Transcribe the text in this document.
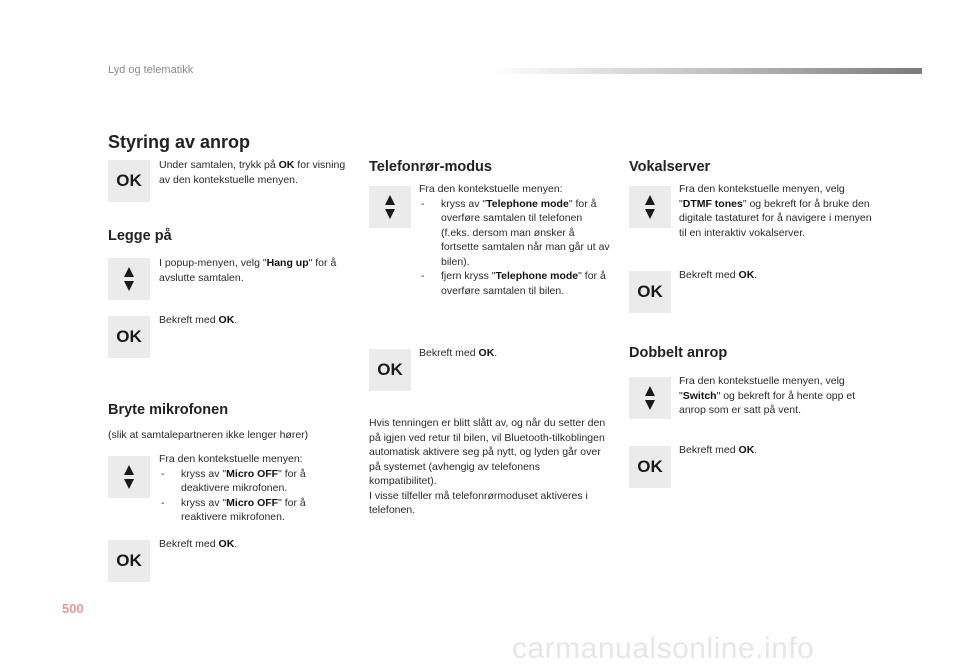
Lyd og telematikk
500
carmanualsonline.info
Styring av anrop
OK

Under samtalen, trykk på OK for visning av den kontekstuelle menyen.

Legge på

I popup-menyen, velg "Hang up" for å avslutte samtalen.

OK

Bekreft med OK.

Bryte mikrofonen
(slik at samtalepartneren ikke lenger hører)

Fra den kontekstuelle menyen:

- kryss av "Micro OFF" for å deaktivere mikrofonen.
- kryss av "Micro OFF" for å reaktivere mikrofonen.
OK

Bekreft med OK.

Telefonrør-modus

Fra den kontekstuelle menyen:

- kryss av "Telephone mode" for å overføre samtalen til telefonen (f.eks. dersom man ønsker å fortsette samtalen når man går ut av bilen).
- fjern kryss "Telephone mode" for å overføre samtalen til bilen.
OK

Bekreft med OK.

Hvis tenningen er blitt slått av, og når du setter den på igjen ved retur til bilen, vil Bluetooth-tilkoblingen automatisk aktivere seg på nytt, og lyden går over på systemet (avhengig av telefonens kompatibilitet).

I visse tilfeller må telefonrørmoduset aktiveres i telefonen.

Vokalserver

Fra den kontekstuelle menyen, velg "DTMF tones" og bekreft for å bruke den digitale tastaturet for å navigere i menyen til en interaktiv vokalserver.

OK

Bekreft med OK.

Dobbelt anrop

Fra den kontekstuelle menyen, velg "Switch" og bekreft for å hente opp et anrop som er satt på vent.

OK

Bekreft med OK.
